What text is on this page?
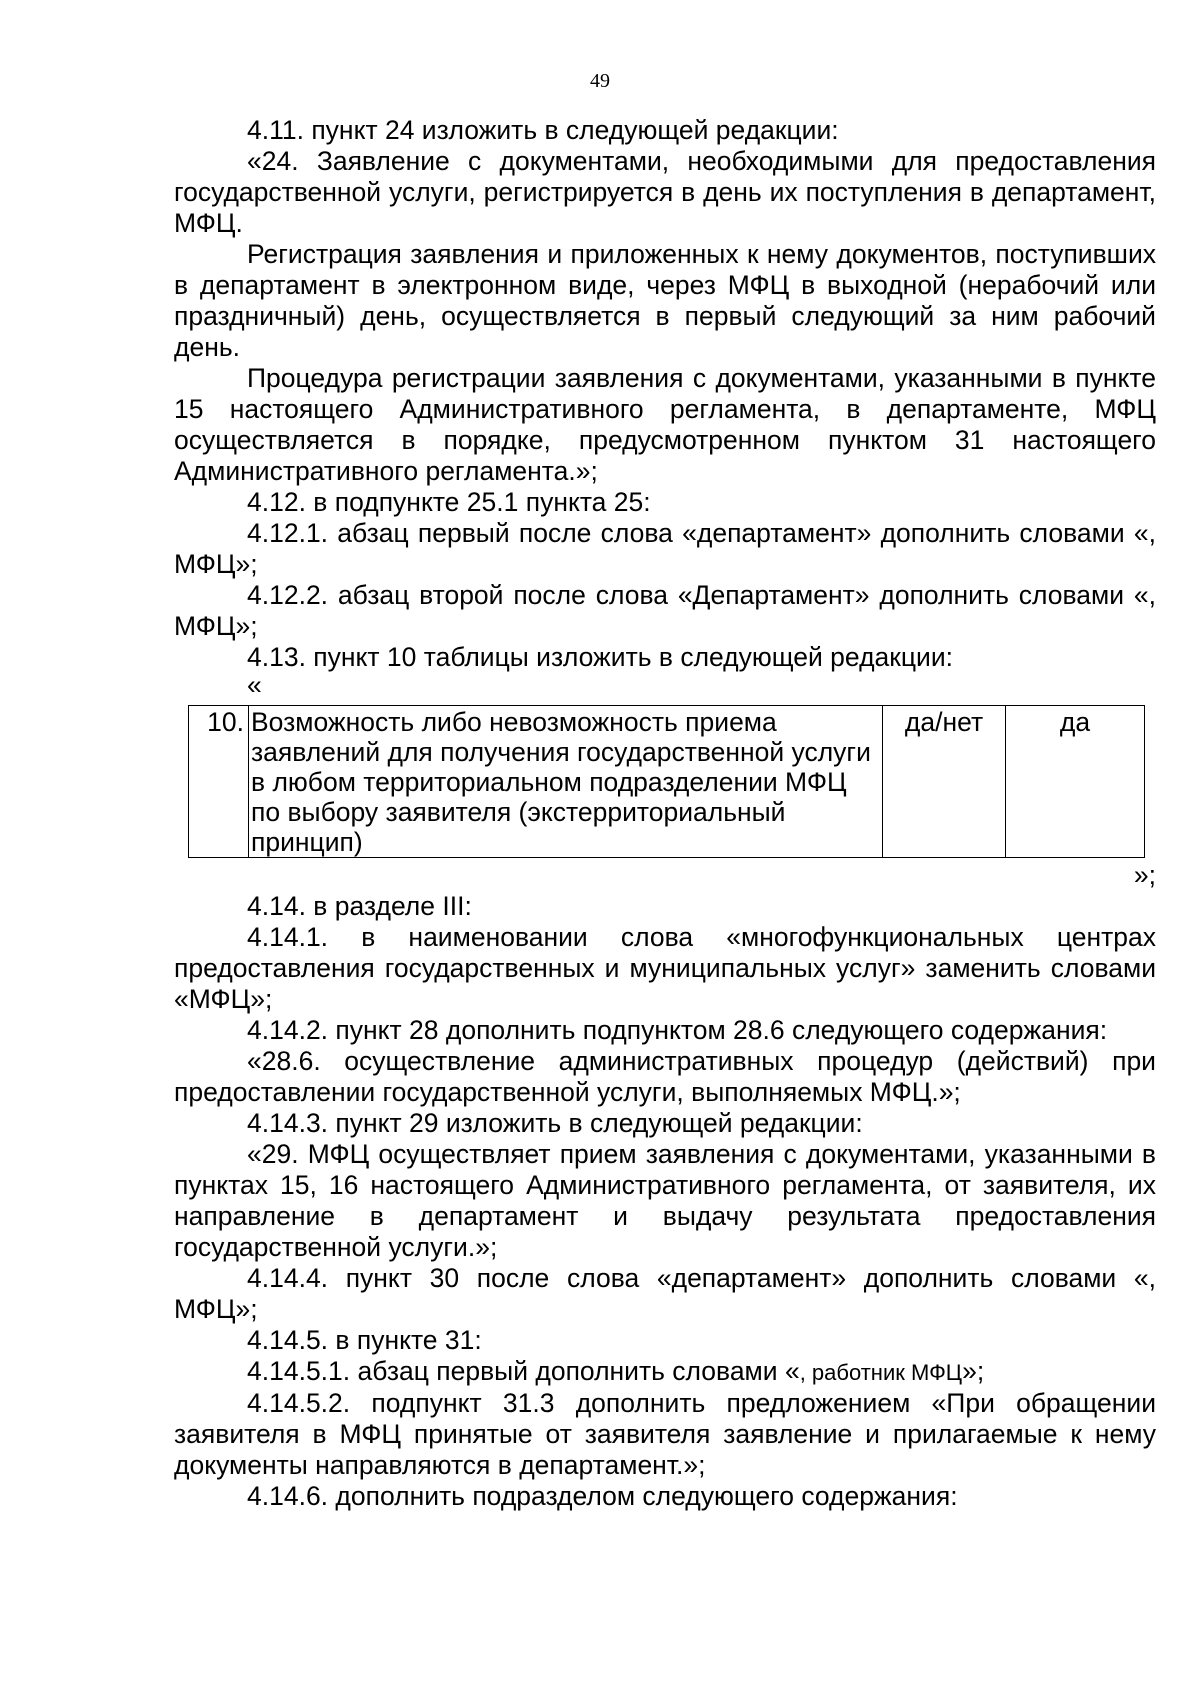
49

4.11. пункт 24 изложить в следующей редакции:

«24. Заявление с документами, необходимыми для предоставления государственной услуги, регистрируется в день их поступления в департамент, МФЦ.

Регистрация заявления и приложенных к нему документов, поступивших в департамент в электронном виде, через МФЦ в выходной (нерабочий или праздничный) день, осуществляется в первый следующий за ним рабочий день.

Процедура регистрации заявления с документами, указанными в пункте 15 настоящего Административного регламента, в департаменте, МФЦ осуществляется в порядке, предусмотренном пунктом 31 настоящего Административного регламента.»;

4.12. в подпункте 25.1 пункта 25:

4.12.1. абзац первый после слова «департамент» дополнить словами «, МФЦ»;

4.12.2. абзац второй после слова «Департамент» дополнить словами «, МФЦ»;

4.13. пункт 10 таблицы изложить в следующей редакции:

«

10.	Возможность либо невозможность приема заявлений для получения государственной услуги в любом территориальном подразделении МФЦ по выбору заявителя (экстерриториальный принцип)	да/нет	да

»;

4.14. в разделе III:

4.14.1. в наименовании слова «многофункциональных центрах предоставления государственных и муниципальных услуг» заменить словами «МФЦ»;

4.14.2. пункт 28 дополнить подпунктом 28.6 следующего содержания:

«28.6. осуществление административных процедур (действий) при предоставлении государственной услуги, выполняемых МФЦ.»;

4.14.3. пункт 29 изложить в следующей редакции:

«29. МФЦ осуществляет прием заявления с документами, указанными в пунктах 15, 16 настоящего Административного регламента, от заявителя, их направление в департамент и выдачу результата предоставления государственной услуги.»;

4.14.4. пункт 30 после слова «департамент» дополнить словами «, МФЦ»;

4.14.5. в пункте 31:

4.14.5.1. абзац первый дополнить словами «, работник МФЦ»;

4.14.5.2. подпункт 31.3 дополнить предложением «При обращении заявителя в МФЦ принятые от заявителя заявление и прилагаемые к нему документы направляются в департамент.»;

4.14.6. дополнить подразделом следующего содержания:
